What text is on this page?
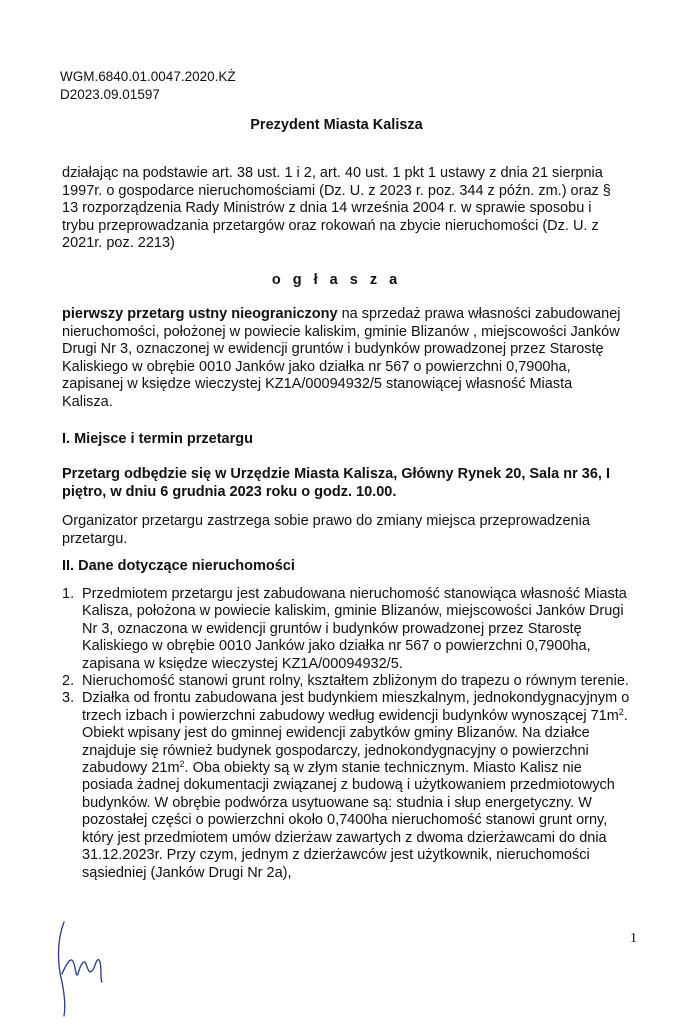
WGM.6840.01.0047.2020.KŻ
D2023.09.01597
Prezydent Miasta Kalisza
działając na podstawie art. 38 ust. 1 i 2, art. 40 ust. 1 pkt 1 ustawy z dnia 21 sierpnia 1997r. o gospodarce nieruchomościami (Dz. U. z 2023 r. poz. 344 z późn. zm.) oraz § 13 rozporządzenia Rady Ministrów z dnia 14 września 2004 r. w sprawie sposobu i trybu przeprowadzania przetargów oraz rokowań na zbycie nieruchomości (Dz. U. z 2021r. poz. 2213)
o g ł a s z a
pierwszy przetarg ustny nieograniczony na sprzedaż prawa własności zabudowanej nieruchomości, położonej w powiecie kaliskim, gminie Blizanów , miejscowości Janków Drugi Nr 3, oznaczonej w ewidencji gruntów i budynków prowadzonej przez Starostę Kaliskiego w obrębie 0010 Janków jako działka nr 567 o powierzchni 0,7900ha, zapisanej w księdze wieczystej KZ1A/00094932/5 stanowiącej własność Miasta Kalisza.
I. Miejsce i termin przetargu
Przetarg odbędzie się w Urzędzie Miasta Kalisza, Główny Rynek 20, Sala nr 36, I piętro, w dniu 6 grudnia 2023 roku o godz. 10.00.
Organizator przetargu zastrzega sobie prawo do zmiany miejsca przeprowadzenia przetargu.
II. Dane dotyczące nieruchomości
1. Przedmiotem przetargu jest zabudowana nieruchomość stanowiąca własność Miasta Kalisza, położona w powiecie kaliskim, gminie Blizanów, miejscowości Janków Drugi Nr 3, oznaczona w ewidencji gruntów i budynków prowadzonej przez Starostę Kaliskiego w obrębie 0010 Janków jako działka nr 567 o powierzchni 0,7900ha, zapisana w księdze wieczystej KZ1A/00094932/5.
2. Nieruchomość stanowi grunt rolny, kształtem zbliżonym do trapezu o równym terenie.
3. Działka od frontu zabudowana jest budynkiem mieszkalnym, jednokondygnacyjnym o trzech izbach i powierzchni zabudowy według ewidencji budynków wynoszącej $71m^2$. Obiekt wpisany jest do gminnej ewidencji zabytków gminy Blizanów. Na działce znajduje się również budynek gospodarczy, jednokondygnacyjny o powierzchni zabudowy $21m^2$. Oba obiekty są w złym stanie technicznym. Miasto Kalisz nie posiada żadnej dokumentacji związanej z budową i użytkowaniem przedmiotowych budynków. W obrębie podwórza usytuowane są: studnia i słup energetyczny. W pozostałej części o powierzchni około 0,7400ha nieruchomość stanowi grunt orny, który jest przedmiotem umów dzierżaw zawartych z dwoma dzierżawcami do dnia 31.12.2023r. Przy czym, jednym z dzierżawców jest użytkownik, nieruchomości sąsiedniej (Janków Drugi Nr 2a),
1
